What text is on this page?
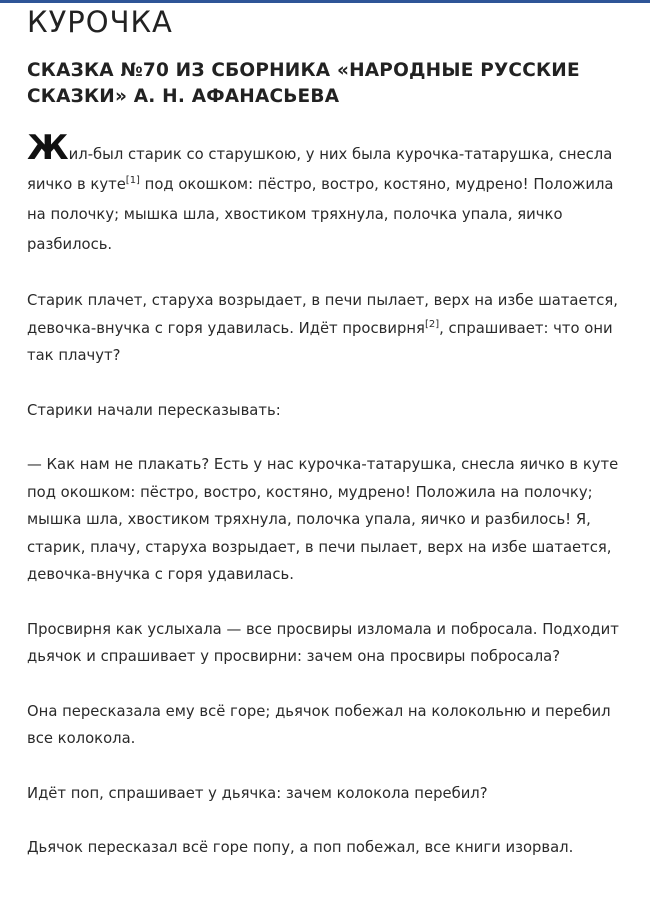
КУРОЧКА
СКАЗКА №70 ИЗ СБОРНИКА «НАРОДНЫЕ РУССКИЕ СКАЗКИ» А. Н. АФАНАСЬЕВА

Жил-был старик со старушкою, у них была курочка-татарушка, снесла яичко в куте[1] под окошком: пёстро, востро, костяно, мудрено! Положила на полочку; мышка шла, хвостиком тряхнула, полочка упала, яичко разбилось.

Старик плачет, старуха возрыдает, в печи пылает, верх на избе шатается, девочка-внучка с горя удавилась. Идёт просвирня[2], спрашивает: что они так плачут?

Старики начали пересказывать:

— Как нам не плакать? Есть у нас курочка-татарушка, снесла яичко в куте под окошком: пёстро, востро, костяно, мудрено! Положила на полочку; мышка шла, хвостиком тряхнула, полочка упала, яичко и разбилось! Я, старик, плачу, старуха возрыдает, в печи пылает, верх на избе шатается, девочка-внучка с горя удавилась.

Просвирня как услыхала — все просвиры изломала и побросала. Подходит дьячок и спрашивает у просвирни: зачем она просвиры побросала?

Она пересказала ему всё горе; дьячок побежал на колокольню и перебил все колокола.

Идёт поп, спрашивает у дьячка: зачем колокола перебил?

Дьячок пересказал всё горе попу, а поп побежал, все книги изорвал.
